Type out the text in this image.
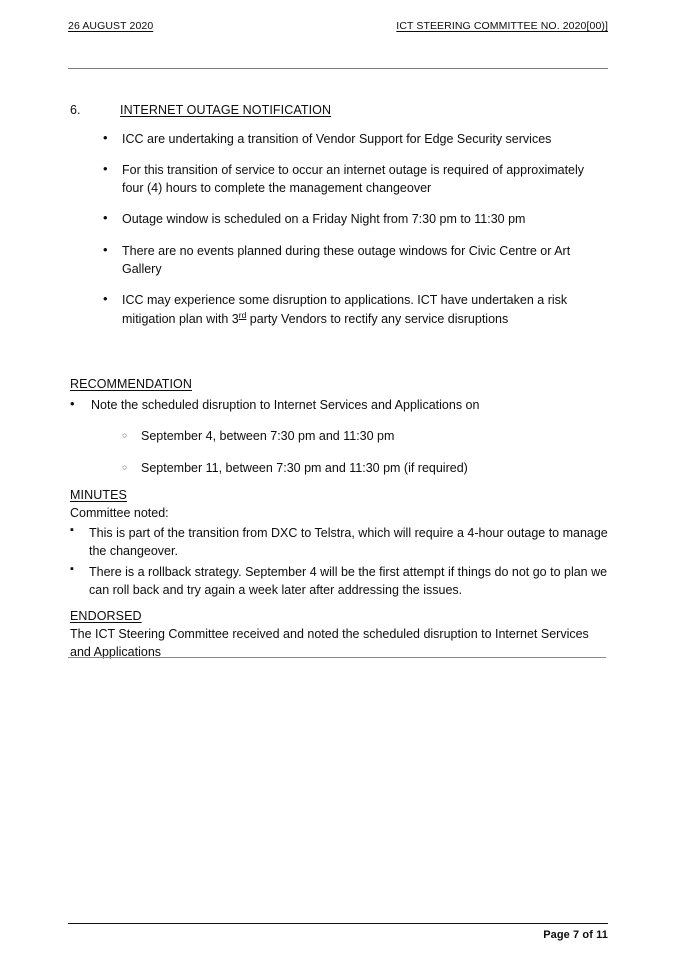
26 AUGUST 2020	ICT STEERING COMMITTEE NO. 2020[00)]
6.	INTERNET OUTAGE NOTIFICATION
• ICC are undertaking a transition of Vendor Support for Edge Security services
• For this transition of service to occur an internet outage is required of approximately four (4) hours to complete the management changeover
• Outage window is scheduled on a Friday Night from 7:30 pm to 11:30 pm
• There are no events planned during these outage windows for Civic Centre or Art Gallery
• ICC may experience some disruption to applications. ICT have undertaken a risk mitigation plan with 3rd party Vendors to rectify any service disruptions
RECOMMENDATION
• Note the scheduled disruption to Internet Services and Applications on
○ September 4, between 7:30 pm and 11:30 pm
○ September 11, between 7:30 pm and 11:30 pm (if required)
MINUTES
Committee noted:
▪ This is part of the transition from DXC to Telstra, which will require a 4-hour outage to manage the changeover.
▪ There is a rollback strategy. September 4 will be the first attempt if things do not go to plan we can roll back and try again a week later after addressing the issues.
ENDORSED
The ICT Steering Committee received and noted the scheduled disruption to Internet Services and Applications
Page 7 of 11
